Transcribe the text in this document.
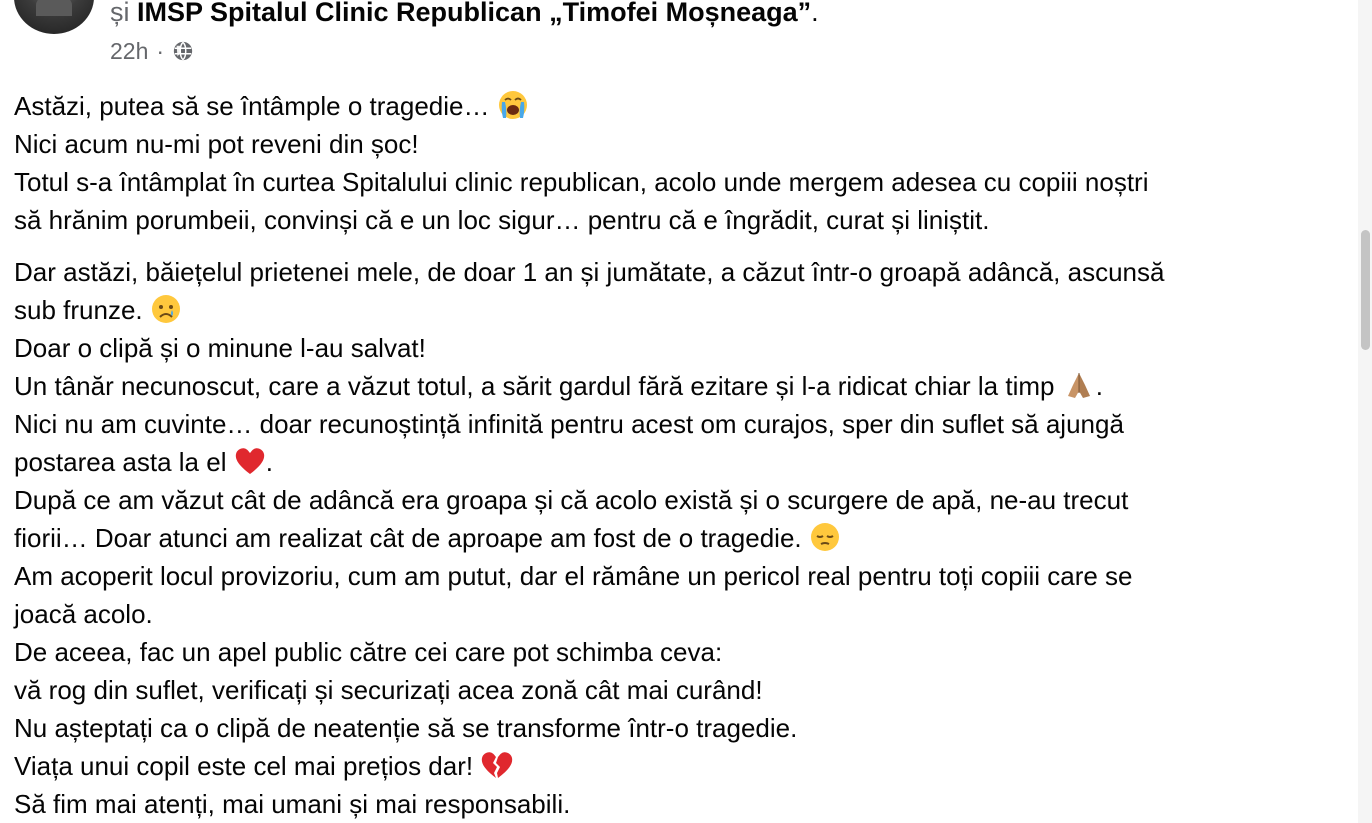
și IMSP Spitalul Clinic Republican „Timofei Moșneaga”.
22h ·
Astăzi, putea să se întâmple o tragedie…
Nici acum nu-mi pot reveni din șoc!
Totul s-a întâmplat în curtea Spitalului clinic republican, acolo unde mergem adesea cu copiii noștri
să hrănim porumbeii, convinși că e un loc sigur… pentru că e îngrădit, curat și liniștit.
Dar astăzi, băiețelul prietenei mele, de doar 1 an și jumătate, a căzut într-o groapă adâncă, ascunsă
sub frunze.
Doar o clipă și o minune l-au salvat!
Un tânăr necunoscut, care a văzut totul, a sărit gardul fără ezitare și l-a ridicat chiar la timp .
Nici nu am cuvinte… doar recunoștință infinită pentru acest om curajos, sper din suflet să ajungă
postarea asta la el .
După ce am văzut cât de adâncă era groapa și că acolo există și o scurgere de apă, ne-au trecut
fiorii… Doar atunci am realizat cât de aproape am fost de o tragedie.
Am acoperit locul provizoriu, cum am putut, dar el rămâne un pericol real pentru toți copiii care se
joacă acolo.
De aceea, fac un apel public către cei care pot schimba ceva:
vă rog din suflet, verificați și securizați acea zonă cât mai curând!
Nu așteptați ca o clipă de neatenție să se transforme într-o tragedie.
Viața unui copil este cel mai prețios dar!
Să fim mai atenți, mai umani și mai responsabili.
